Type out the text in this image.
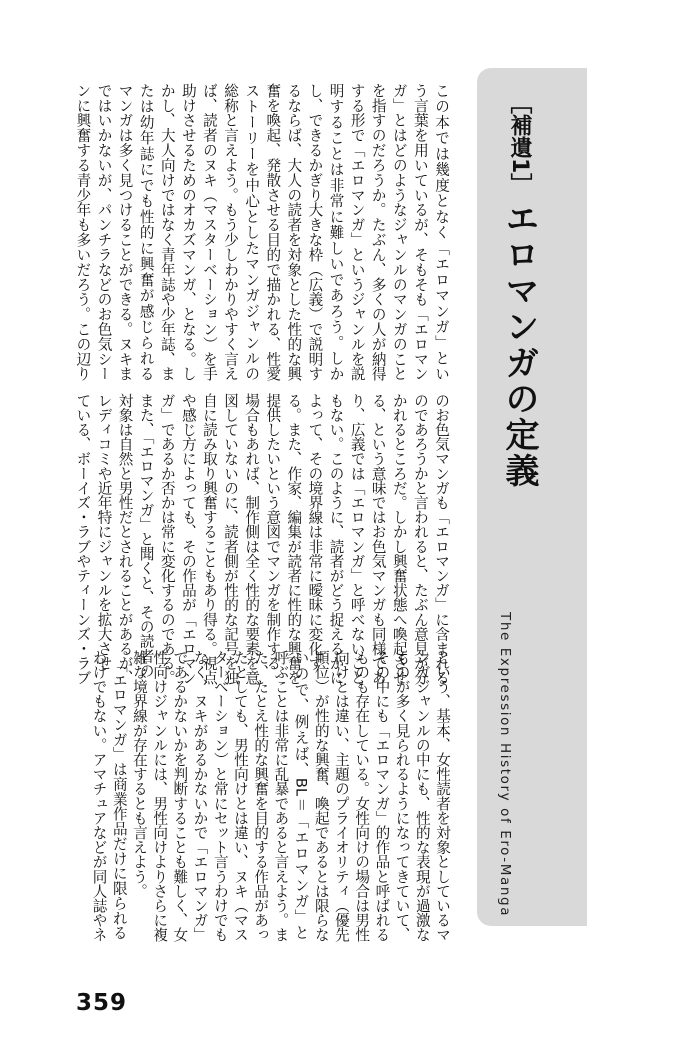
［補遺1］ エロマンガの定義
The Expression History of Ero-Manga
この本では幾度となく「エロマンガ」とい
う言葉を用いているが、そもそも「エロマン
ガ」とはどのようなジャンルのマンガのこと
を指すのだろうか。たぶん、多くの人が納得
する形で「エロマンガ」というジャンルを説
明することは非常に難しいであろう。しか
し、できるかぎり大きな枠（広義）で説明す
るならば、大人の読者を対象とした性的な興
奮を喚起、発散させる目的で描かれる、性愛
ストーリーを中心としたマンガジャンルの
総称と言えよう。もう少しわかりやすく言え
ば、読者のヌキ（マスターベーション）を手
助けさせるためのオカズマンガ、となる。し
かし、大人向けではなく青年誌や少年誌、ま
たは幼年誌にでも性的に興奮が感じられる
マンガは多く見つけることができる。ヌキま
ではいかないが、パンチラなどのお色気シー
ンに興奮する青少年も多いだろう。この辺り
のお色気マンガも「エロマンガ」に含まれる
のであろうかと言われると、たぶん意見が分
かれるところだ。しかし興奮状態へ喚起させ
る、という意味ではお色気マンガも同様であ
り、広義では「エロマンガ」と呼べないこと
もない。このように、読者がどう捉えるかに
よって、その境界線は非常に曖昧に変化す
る。また、作家、編集が読者に性的な興奮を
提供したいという意図でマンガを制作する
場合もあれば、制作側は全く性的な要素を意
図していないのに、読者側が性的な記号を独
自に読み取り興奮することもあり得る。視点
や感じ方によっても、その作品が「エロマン
ガ」であるか否かは常に変化するのである。
また、「エロマンガ」と聞くと、その読者の
対象は自然と男性だとされることがあるが、
レディコミや近年特にジャンルを拡大させ
ている、ボーイズ・ラブやティーンズ・ラブ
という、基本、女性読者を対象としているマ
ンガジャンルの中にも、性的な表現が過激な
ものが多く見られるようになってきていて、
その中にも「エロマンガ」的作品と呼ばれる
ものも存在している。女性向けの場合は男性
向けとは違い、主題のプライオリティ（優先
順位）が性的な興奮、喚起であるとは限らな
いので、例えば、BL＝「エロマンガ」と
呼ぶことは非常に乱暴であると言えよう。ま
た、たとえ性的な興奮を目的する作品があっ
たとしても、男性向けとは違い、ヌキ（マス
ターベーション）と常にセット言うわけでも
なく、ヌキがあるかないかで「エロマンガ」
であるかないかを判断することも難しく、女
性向けジャンルには、男性向けよりさらに複
雑な境界線が存在するとも言えよう。
　「エロマンガ」は商業作品だけに限られる
わけでもない。アマチュアなどが同人誌やネ
359
